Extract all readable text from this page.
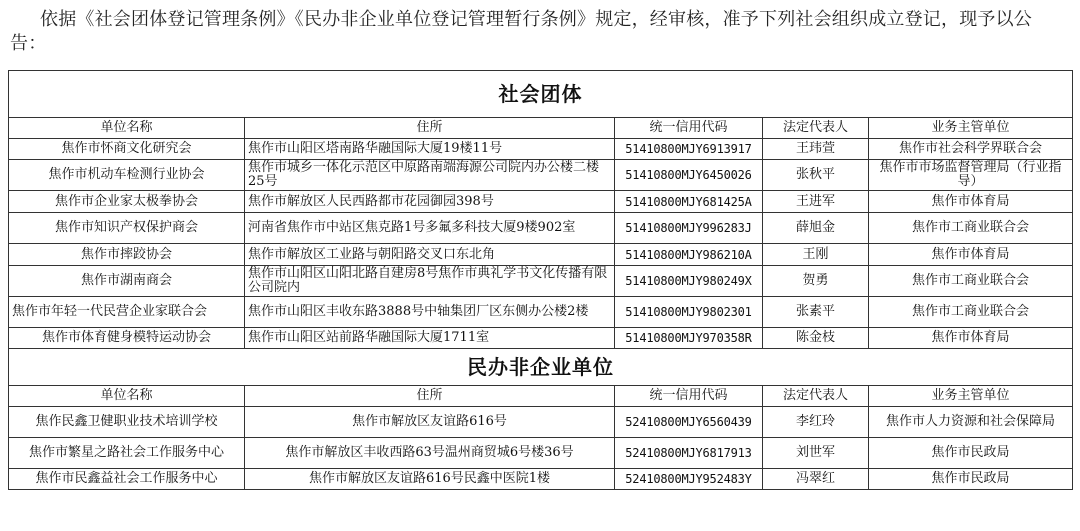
依据《社会团体登记管理条例》《民办非企业单位登记管理暂行条例》规定，经审核，准予下列社会组织成立登记，现予以公告：
社会团体				
单位名称	住所	统一信用代码	法定代表人	业务主管单位
焦作市怀商文化研究会	焦作市山阳区塔南路华融国际大厦19楼11号	51410800MJY6913917	王玮萱	焦作市社会科学界联合会
焦作市机动车检测行业协会	焦作市城乡一体化示范区中原路南端海源公司院内办公楼二楼25号	51410800MJY6450026	张秋平	焦作市市场监督管理局（行业指导）
焦作市企业家太极拳协会	焦作市解放区人民西路都市花园御园398号	51410800MJY681425A	王进军	焦作市体育局
焦作市知识产权保护商会	河南省焦作市中站区焦克路1号多氟多科技大厦9楼902室	51410800MJY996283J	薛旭金	焦作市工商业联合会
焦作市摔跤协会	焦作市解放区工业路与朝阳路交叉口东北角	51410800MJY986210A	王刚	焦作市体育局
焦作市湖南商会	焦作市山阳区山阳北路自建房8号焦作市典礼学书文化传播有限公司院内	51410800MJY980249X	贺勇	焦作市工商业联合会
焦作市年轻一代民营企业家联合会	焦作市山阳区丰收东路3888号中轴集团厂区东侧办公楼2楼	51410800MJY9802301	张素平	焦作市工商业联合会
焦作市体育健身模特运动协会	焦作市山阳区站前路华融国际大厦1711室	51410800MJY970358R	陈金枝	焦作市体育局
民办非企业单位				
单位名称	住所	统一信用代码	法定代表人	业务主管单位
焦作民鑫卫健职业技术培训学校	焦作市解放区友谊路616号	52410800MJY6560439	李红玲	焦作市人力资源和社会保障局
焦作市繁星之路社会工作服务中心	焦作市解放区丰收西路63号温州商贸城6号楼36号	52410800MJY6817913	刘世军	焦作市民政局
焦作市民鑫益社会工作服务中心	焦作市解放区友谊路616号民鑫中医院1楼	52410800MJY952483Y	冯翠红	焦作市民政局
